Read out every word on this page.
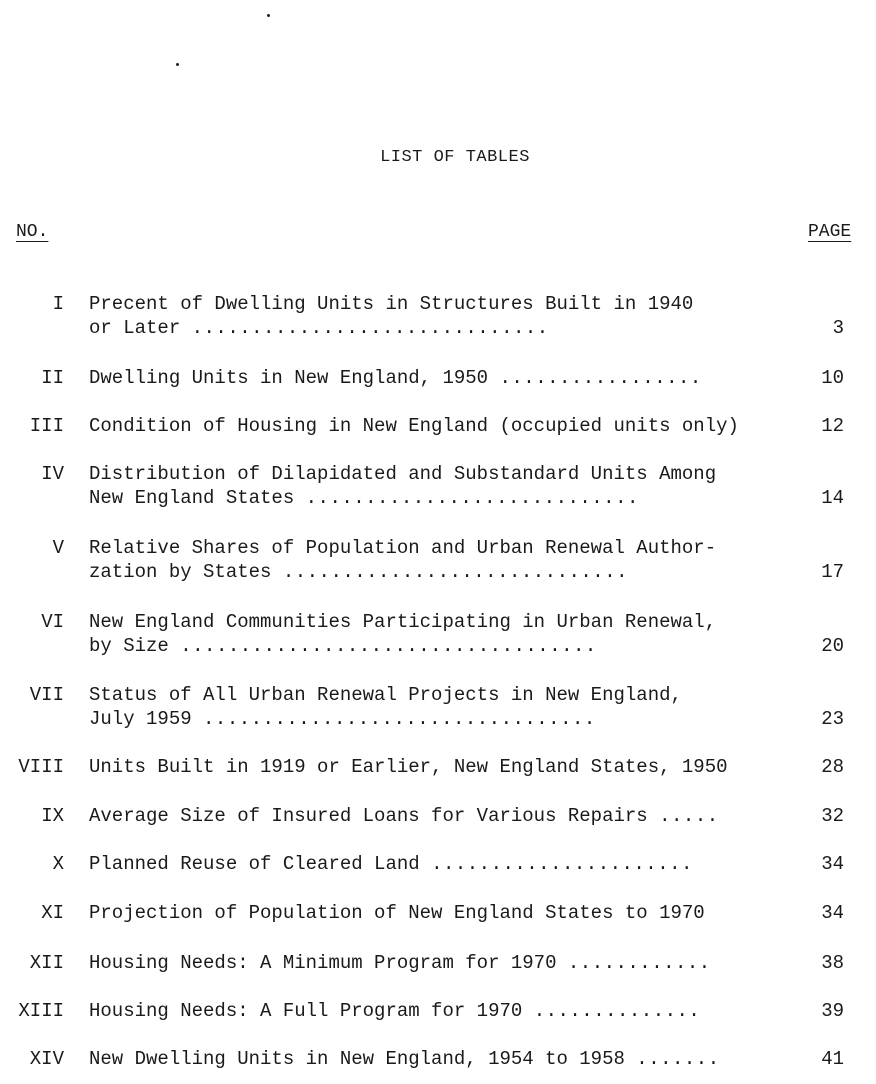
LIST OF TABLES
NO.	PAGE
I Precent of Dwelling Units in Structures Built in 1940
or Later ..............................	3
II Dwelling Units in New England, 1950 .................	10
III Condition of Housing in New England (occupied units only)	12
IV Distribution of Dilapidated and Substandard Units Among
New England States ............................	14
V Relative Shares of Population and Urban Renewal Author-
zation by States .............................	17
VI New England Communities Participating in Urban Renewal,
by Size ...................................	20
VII Status of All Urban Renewal Projects in New England,
July 1959 .................................	23
VIII Units Built in 1919 or Earlier, New England States, 1950	28
IX Average Size of Insured Loans for Various Repairs .....	32
X Planned Reuse of Cleared Land ......................	34
XI Projection of Population of New England States to 1970	34
XII Housing Needs: A Minimum Program for 1970 ............	38
XIII Housing Needs: A Full Program for 1970 ..............	39
XIV New Dwelling Units in New England, 1954 to 1958 .......	41
